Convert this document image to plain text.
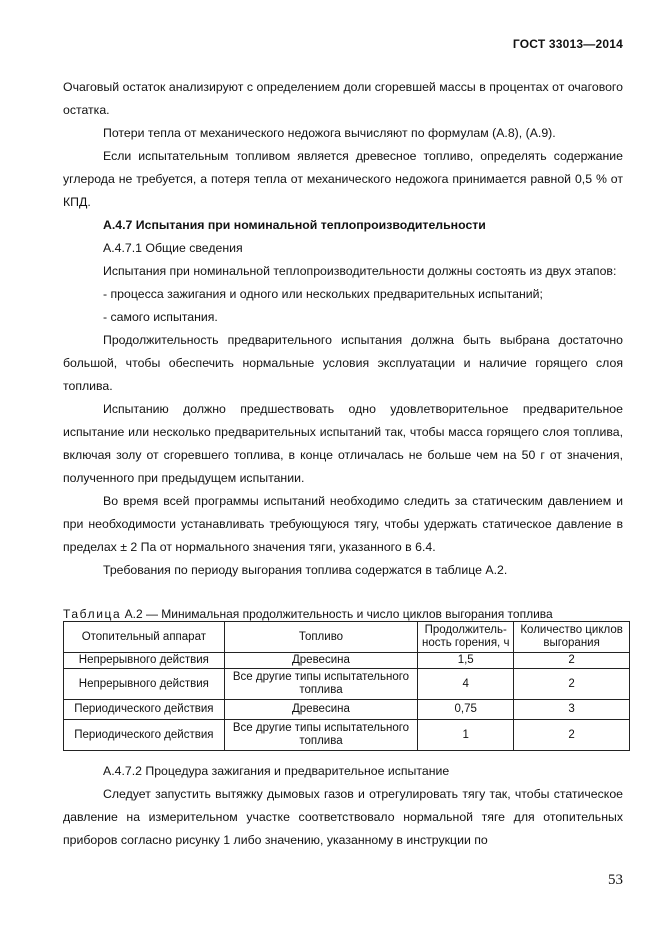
ГОСТ 33013—2014

Очаговый остаток анализируют с определением доли сгоревшей массы в процентах от очагового остатка.

Потери тепла от механического недожога вычисляют по формулам (А.8), (А.9).

Если испытательным топливом является древесное топливо, определять содержание углерода не требуется, а потеря тепла от механического недожога принимается равной 0,5 % от КПД.

А.4.7 Испытания при номинальной теплопроизводительности

А.4.7.1 Общие сведения

Испытания при номинальной теплопроизводительности должны состоять из двух этапов:

- процесса зажигания и одного или нескольких предварительных испытаний;

- самого испытания.

Продолжительность предварительного испытания должна быть выбрана достаточно большой, чтобы обеспечить нормальные условия эксплуатации и наличие горящего слоя топлива.

Испытанию должно предшествовать одно удовлетворительное предварительное испытание или несколько предварительных испытаний так, чтобы масса горящего слоя топлива, включая золу от сгоревшего топлива, в конце отличалась не больше чем на 50 г от значения, полученного при предыдущем испытании.

Во время всей программы испытаний необходимо следить за статическим давлением и при необходимости устанавливать требующуюся тягу, чтобы удержать статическое давление в пределах ± 2 Па от нормального значения тяги, указанного в 6.4.

Требования по периоду выгорания топлива содержатся в таблице А.2.

Таблица А.2 — Минимальная продолжительность и число циклов выгорания топлива
Отопительный аппарат	Топливо	Продолжитель-ность горения, ч	Количество циклов выгорания
Непрерывного действия	Древесина	1,5	2
Непрерывного действия	Все другие типы испытательного топлива	4	2
Периодического действия	Древесина	0,75	3
Периодического действия	Все другие типы испытательного топлива	1	2

А.4.7.2 Процедура зажигания и предварительное испытание

Следует запустить вытяжку дымовых газов и отрегулировать тягу так, чтобы статическое давление на измерительном участке соответствовало нормальной тяге для отопительных приборов согласно рисунку 1 либо значению, указанному в инструкции по

53
